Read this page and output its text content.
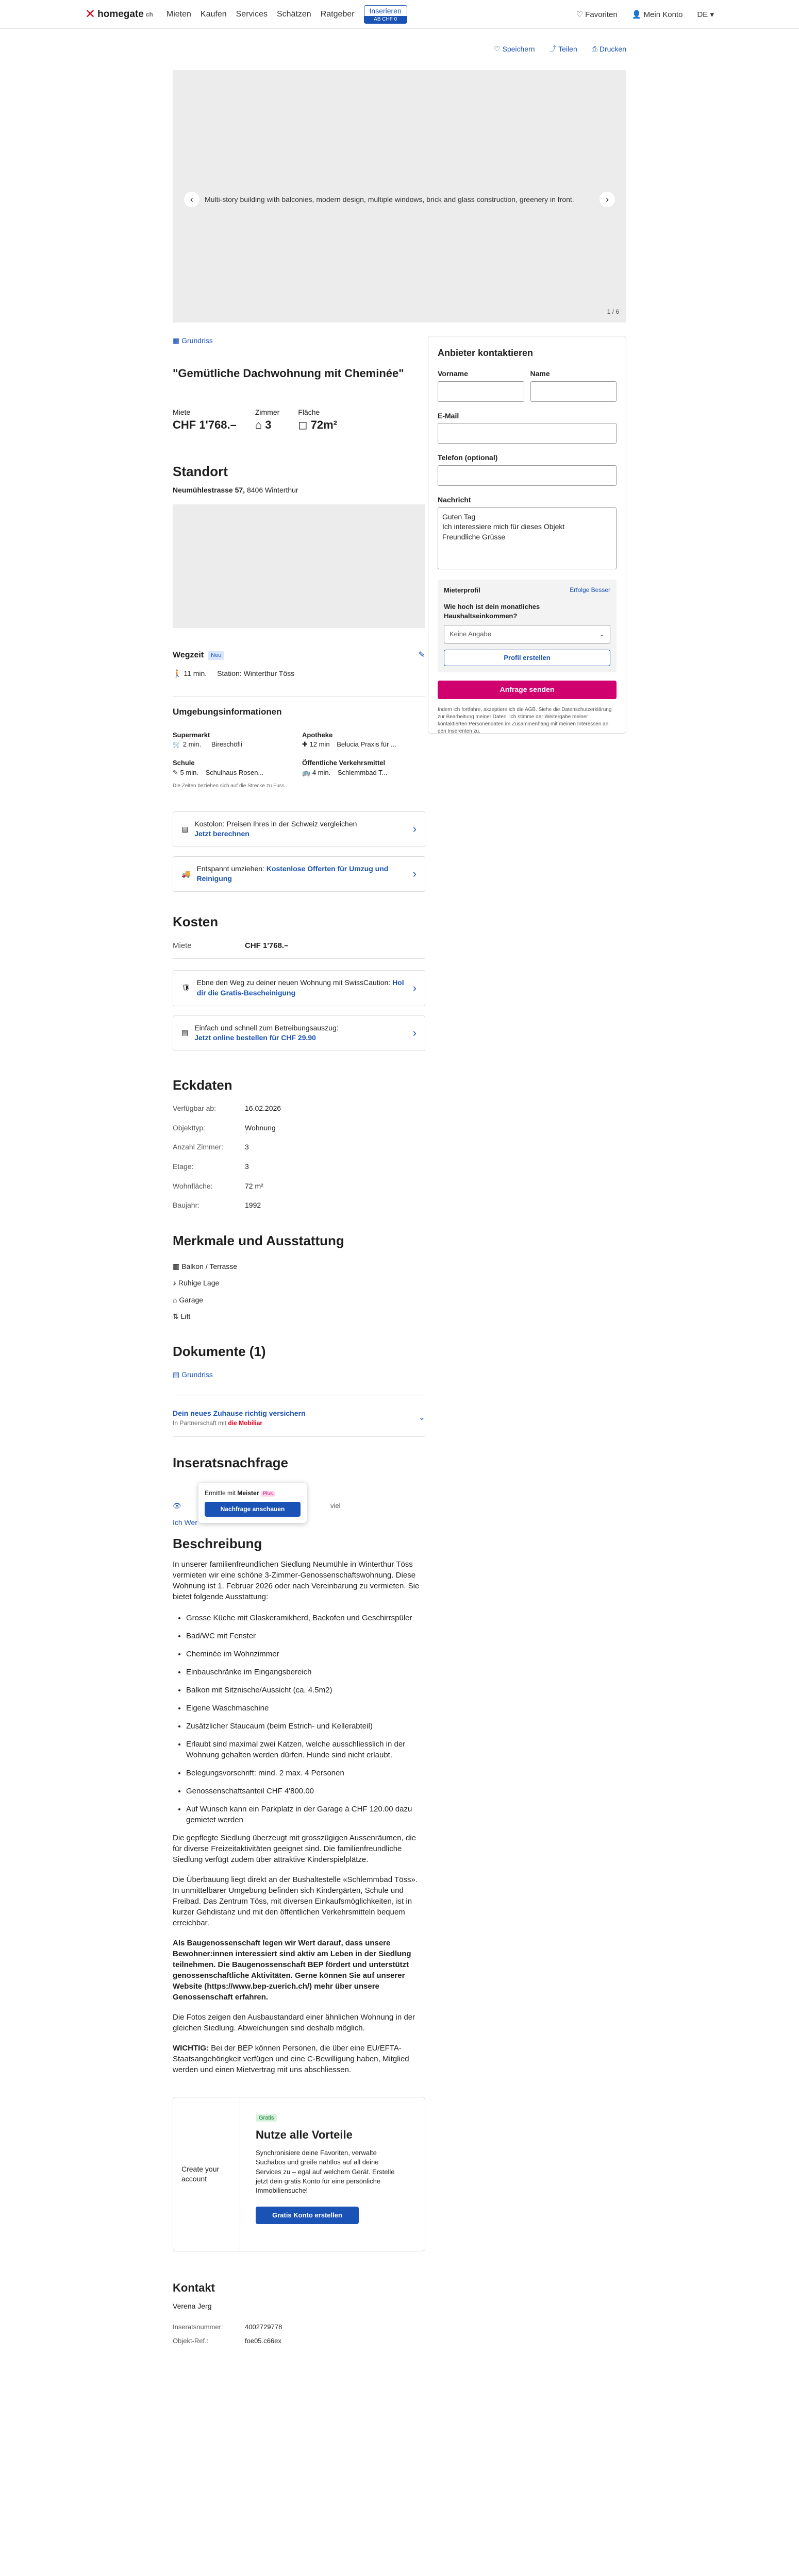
✕ homegate ch Mieten Kaufen Services Schätzen Ratgeber	Inserieren
AB CHF 0
♡ Favoriten 👤 Mein Konto DE ▾
♡ Speichern ⤴ Teilen ⎙ Drucken
‹	›
Multi-story building with balconies, modern design, multiple windows, brick and glass construction, greenery in front.
1 / 6
▦ Grundriss
"Gemütliche Dachwohnung mit Cheminée"
Miete
CHF 1'768.–
Zimmer
⌂ 3
Fläche
◻ 72m²
Standort
Neumühlestrasse 57, 8406 Winterthur
Wegzeit	Neu	✎
🚶 11 min. Station: Winterthur Töss
Umgebungsinformationen
Supermarkt
🛒 2 min. Bireschöfli
Apotheke
✚ 12 min Belucia Praxis für ...
Schule
✎ 5 min. Schulhaus Rosen...
Öffentliche Verkehrsmittel
🚌 4 min. Schlemmbad T...
Die Zeiten beziehen sich auf die Strecke zu Fuss
▤
Kostolon: Preisen Ihres in der Schweiz vergleichen
Jetzt berechnen	›
🚚
Entspannt umziehen: Kostenlose Offerten für Umzug und Reinigung	›
Kosten
Miete	CHF 1'768.–
🛡
Ebne den Weg zu deiner neuen Wohnung mit SwissCaution: Hol dir die Gratis-Bescheinigung	›
▤
Einfach und schnell zum Betreibungsauszug:
Jetzt online bestellen für CHF 29.90	›
Eckdaten
Verfügbar ab:	16.02.2026
Objekttyp:	Wohnung
Anzahl Zimmer:	3
Etage:	3
Wohnfläche:	72 m²
Baujahr:	1992
Merkmale und Ausstattung
▥ Balkon / Terrasse
♪ Ruhige Lage
⌂ Garage
⇅ Lift
Dokumente (1)
▤ Grundriss
Dein neues Zuhause richtig versichern
In Partnerschaft mit die Mobiliar
⌄
Inseratsnachfrage
👁	viel
Ich Wer
Ermittle mit Meister Plus
Nachfrage anschauen
Beschreibung

In unserer familienfreundlichen Siedlung Neumühle in Winterthur Töss vermieten wir eine schöne 3-Zimmer-Genossenschaftswohnung. Diese Wohnung ist 1. Februar 2026 oder nach Vereinbarung zu vermieten. Sie bietet folgende Ausstattung:

• Grosse Küche mit Glaskeramikherd, Backofen und Geschirrspüler
• Bad/WC mit Fenster
• Cheminée im Wohnzimmer
• Einbauschränke im Eingangsbereich
• Balkon mit Sitznische/Aussicht (ca. 4.5m2)
• Eigene Waschmaschine
• Zusätzlicher Staucaum (beim Estrich- und Kellerabteil)
• Erlaubt sind maximal zwei Katzen, welche ausschliesslich in der Wohnung gehalten werden dürfen. Hunde sind nicht erlaubt.
• Belegungsvorschrift: mind. 2 max. 4 Personen
• Genossenschaftsanteil CHF 4'800.00
• Auf Wunsch kann ein Parkplatz in der Garage à CHF 120.00 dazu gemietet werden

Die gepflegte Siedlung überzeugt mit grosszügigen Aussenräumen, die für diverse Freizeitaktivitäten geeignet sind. Die familienfreundliche Siedlung verfügt zudem über attraktive Kinderspielplätze.

Die Überbauung liegt direkt an der Bushaltestelle «Schlemmbad Töss». In unmittelbarer Umgebung befinden sich Kindergärten, Schule und Freibad. Das Zentrum Töss, mit diversen Einkaufsmöglichkeiten, ist in kurzer Gehdistanz und mit den öffentlichen Verkehrsmitteln bequem erreichbar.

Als Baugenossenschaft legen wir Wert darauf, dass unsere Bewohner:innen interessiert sind aktiv am Leben in der Siedlung teilnehmen. Die Baugenossenschaft BEP fördert und unterstützt genossenschaftliche Aktivitäten. Gerne können Sie auf unserer Website (https://www.bep-zuerich.ch/) mehr über unsere Genossenschaft erfahren.

Die Fotos zeigen den Ausbaustandard einer ähnlichen Wohnung in der gleichen Siedlung. Abweichungen sind deshalb möglich.

WICHTIG: Bei der BEP können Personen, die über eine EU/EFTA-Staatsangehörigkeit verfügen und eine C-Bewilligung haben, Mitglied werden und einen Mietvertrag mit uns abschliessen.

Create your account
Gratis
Nutze alle Vorteile

Synchronisiere deine Favoriten, verwalte Suchabos und greife nahtlos auf all deine Services zu – egal auf welchem Gerät. Erstelle jetzt dein gratis Konto für eine persönliche Immobiliensuche!

Gratis Konto erstellen
Kontakt
Verena Jerg
Inseratsnummer:	4002729778
Objekt-Ref.:	foe05.c66ex
Anbieter kontaktieren
Vorname	Name
E-Mail
Telefon (optional)
Nachricht
Guten Tag
Ich interessiere mich für dieses Objekt
Freundliche Grüsse
Mieterprofil	Erfolge Besser
Wie hoch ist dein monatliches Haushaltseinkommen?
Keine Angabe	⌄
Profil erstellen
Anfrage senden

Indem ich fortfahre, akzeptiere ich die AGB. Siehe die Datenschutzerklärung zur Bearbeitung meiner Daten. Ich stimme der Weitergabe meiner kontaktierten Personendaten im Zusammenhang mit meinen Interessen an den Inserenten zu.
